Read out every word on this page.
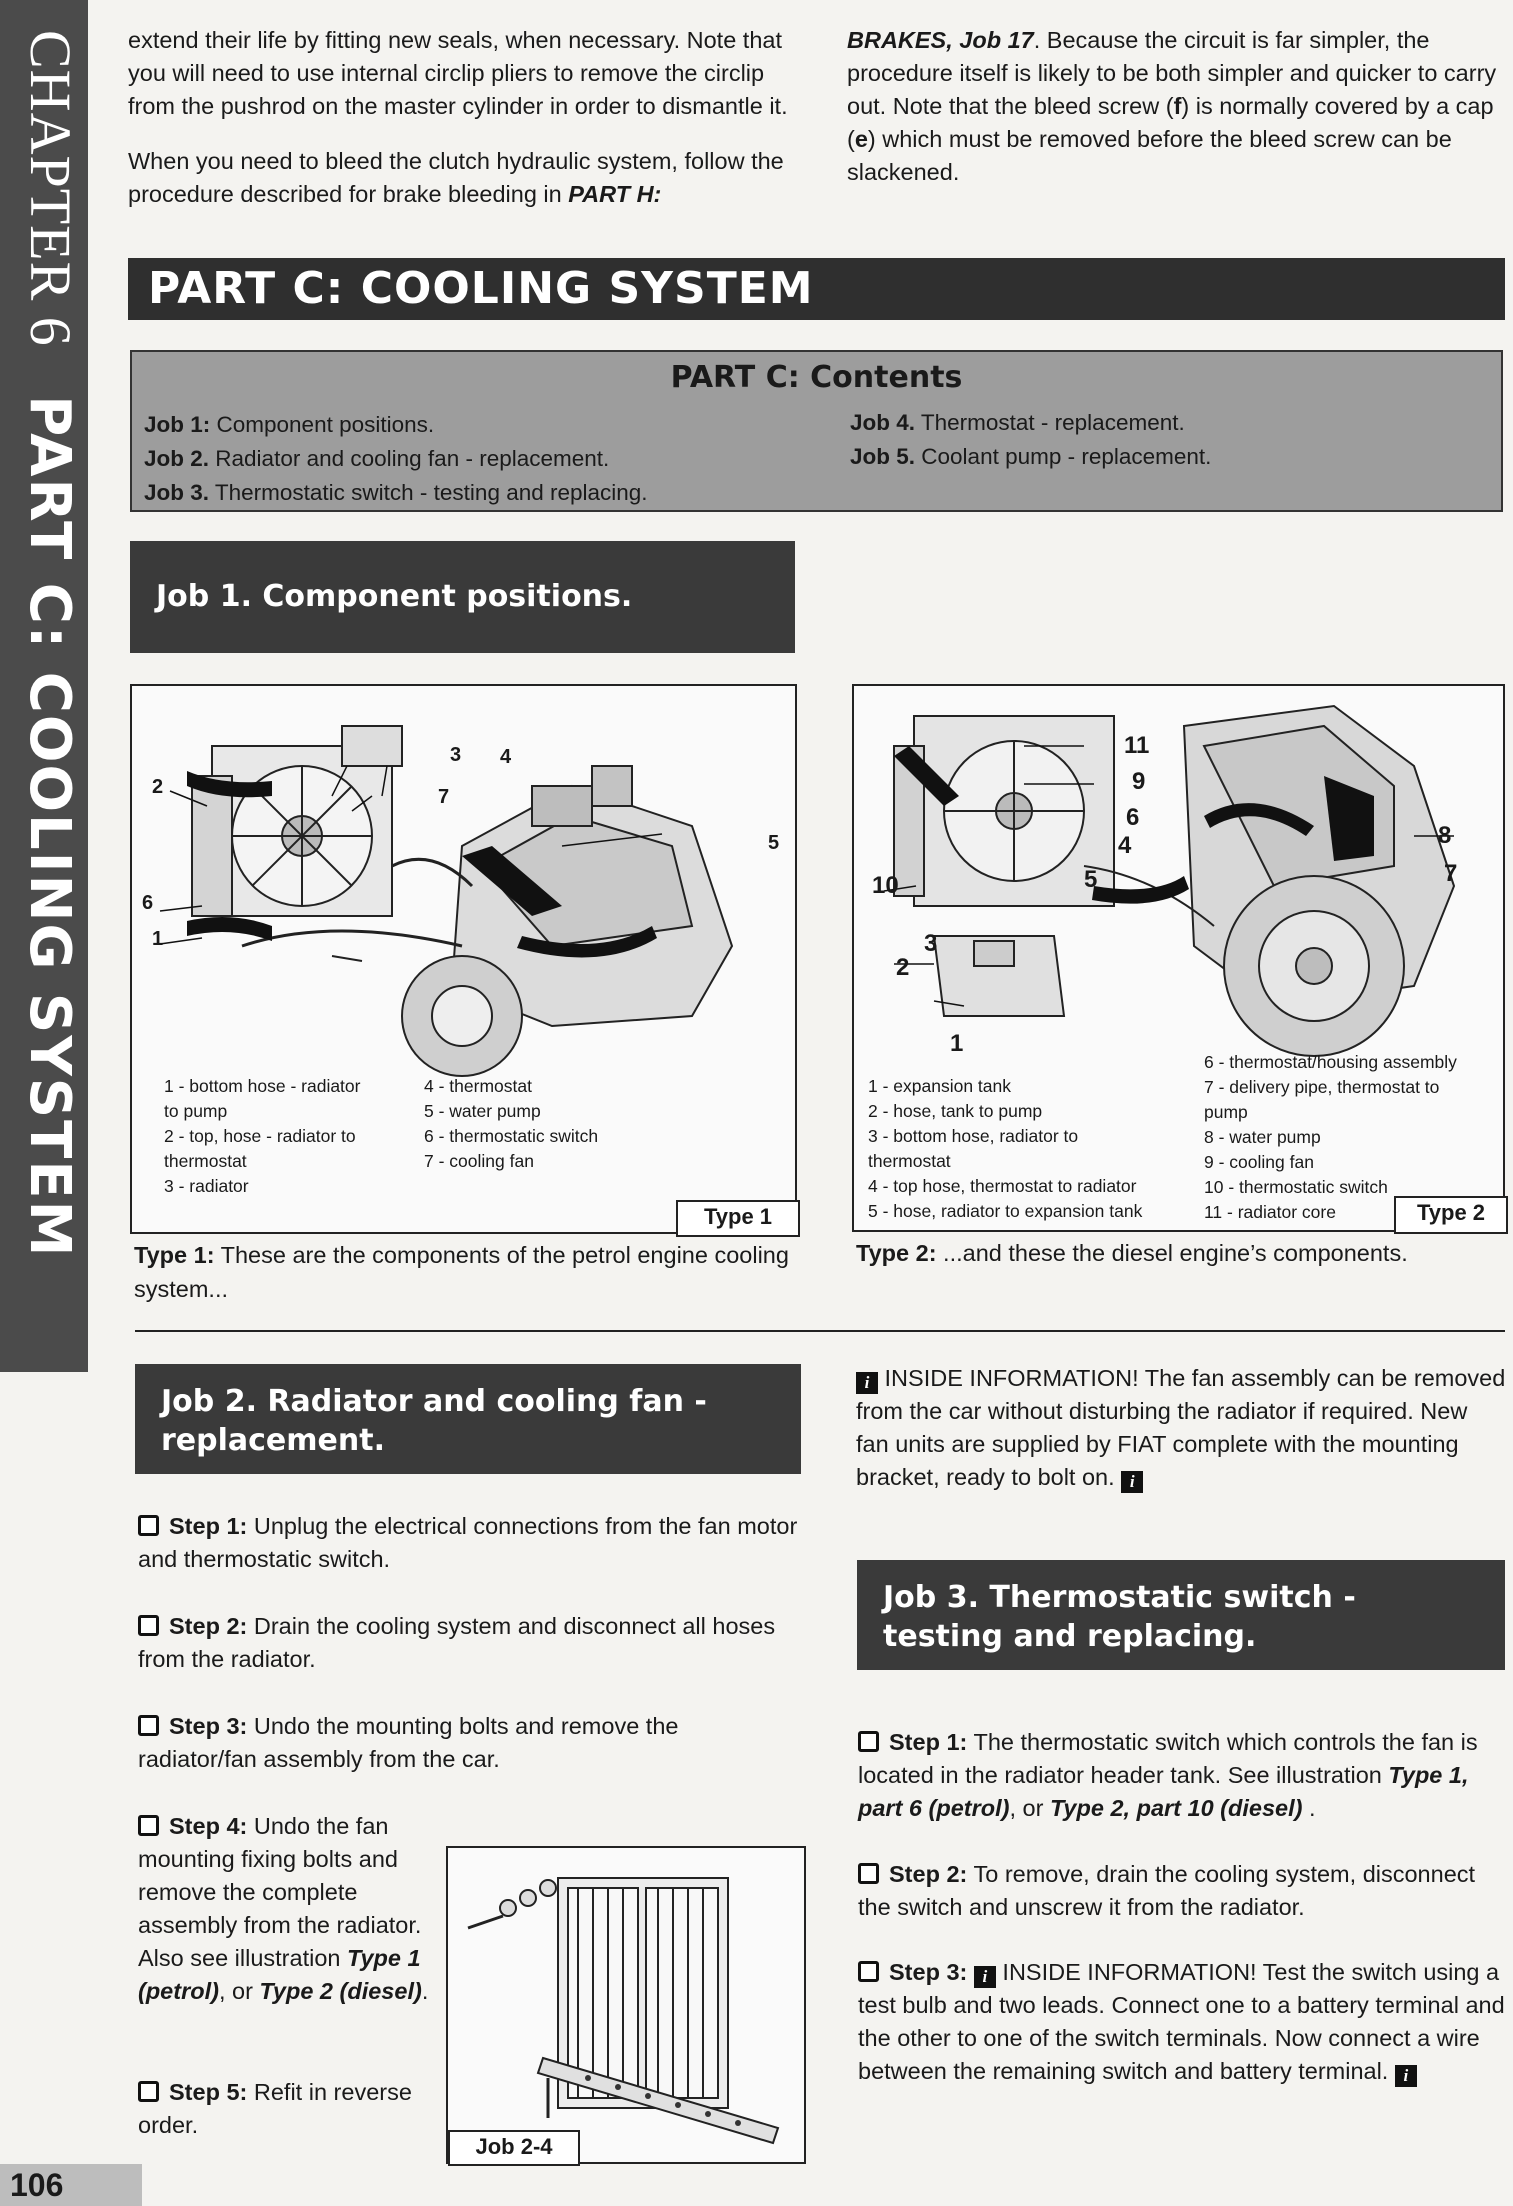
CHAPTER 6 PART C: COOLING SYSTEM
106

extend their life by fitting new seals, when necessary. Note that you will need to use internal circlip pliers to remove the circlip from the pushrod on the master cylinder in order to dismantle it.

When you need to bleed the clutch hydraulic system, follow the procedure described for brake bleeding in PART H:

BRAKES, Job 17. Because the circuit is far simpler, the procedure itself is likely to be both simpler and quicker to carry out. Note that the bleed screw (f) is normally covered by a cap (e) which must be removed before the bleed screw can be slackened.

PART C: COOLING SYSTEM
PART C: Contents
Job 1: Component positions.
Job 2. Radiator and cooling fan - replacement.
Job 3. Thermostatic switch - testing and replacing.
Job 4. Thermostat - replacement.
Job 5. Coolant pump - replacement.
Job 1. Component positions.
2
3 4
7
5
6
1
1 - bottom hose - radiator
to pump
2 - top, hose - radiator to
thermostat
3 - radiator
4 - thermostat
5 - water pump
6 - thermostatic switch
7 - cooling fan
Type 1
Type 1: These are the components of the petrol engine cooling system...
11
9
6
4
5
10
3
2
1
8
7
1 - expansion tank
2 - hose, tank to pump
3 - bottom hose, radiator to
thermostat
4 - top hose, thermostat to radiator
5 - hose, radiator to expansion tank
6 - thermostat/housing assembly
7 - delivery pipe, thermostat to
pump
8 - water pump
9 - cooling fan
10 - thermostatic switch
11 - radiator core	Type 2
Type 2: ...and these the diesel engine’s components.
Job 2. Radiator and cooling fan - replacement.
Step 1: Unplug the electrical connections from the fan motor and thermostatic switch.
Step 2: Drain the cooling system and disconnect all hoses from the radiator.
Step 3: Undo the mounting bolts and remove the radiator/fan assembly from the car.
Step 4: Undo the fan mounting fixing bolts and remove the complete assembly from the radiator. Also see illustration Type 1 (petrol), or Type 2 (diesel).
Step 5: Refit in reverse order.
Job 2-4
i INSIDE INFORMATION! The fan assembly can be removed from the car without disturbing the radiator if required. New fan units are supplied by FIAT complete with the mounting bracket, ready to bolt on. i
Job 3. Thermostatic switch - testing and replacing.
Step 1: The thermostatic switch which controls the fan is located in the radiator header tank. See illustration Type 1, part 6 (petrol), or Type 2, part 10 (diesel) .
Step 2: To remove, drain the cooling system, disconnect the switch and unscrew it from the radiator.
Step 3: i INSIDE INFORMATION! Test the switch using a test bulb and two leads. Connect one to a battery terminal and the other to one of the switch terminals. Now connect a wire between the remaining switch and battery terminal. i
